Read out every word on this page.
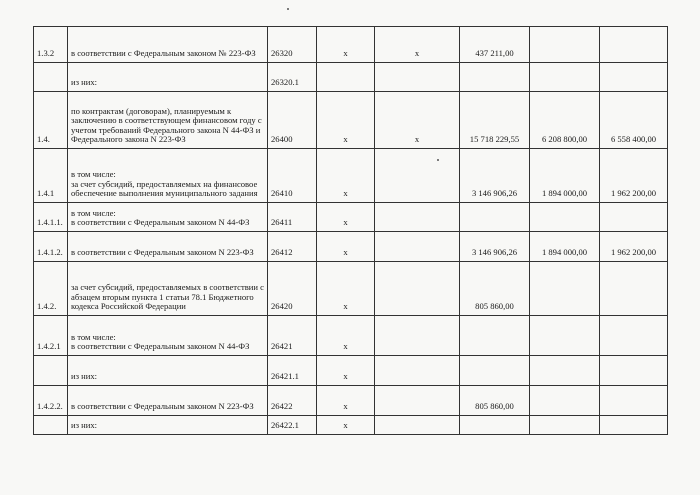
1.3.2	в соответствии с Федеральным законом № 223-ФЗ	26320	x	x	437 211,00		
	из них:	26320.1					
1.4.	по контрактам (договорам), планируемым к заключению в соответствующем финансовом году с учетом требований Федерального закона N 44-ФЗ и Федерального закона N 223-ФЗ	26400	x	x	15 718 229,55	6 208 800,00	6 558 400,00
1.4.1	в том числе:
за счет субсидий, предоставляемых на финансовое обеспечение выполнения муниципального задания	26410	x		3 146 906,26	1 894 000,00	1 962 200,00
1.4.1.1.	в том числе:
в соответствии с Федеральным законом N 44-ФЗ	26411	x				
1.4.1.2.	в соответствии с Федеральным законом N 223-ФЗ	26412	x		3 146 906,26	1 894 000,00	1 962 200,00
1.4.2.	за счет субсидий, предоставляемых в соответствии с абзацем вторым пункта 1 статьи 78.1 Бюджетного кодекса Российской Федерации	26420	x		805 860,00		
1.4.2.1	в том числе:
в соответствии с Федеральным законом N 44-ФЗ	26421	x				
	из них:	26421.1	x				
1.4.2.2.	в соответствии с Федеральным законом N 223-ФЗ	26422	x		805 860,00		
	из них:	26422.1	x				
